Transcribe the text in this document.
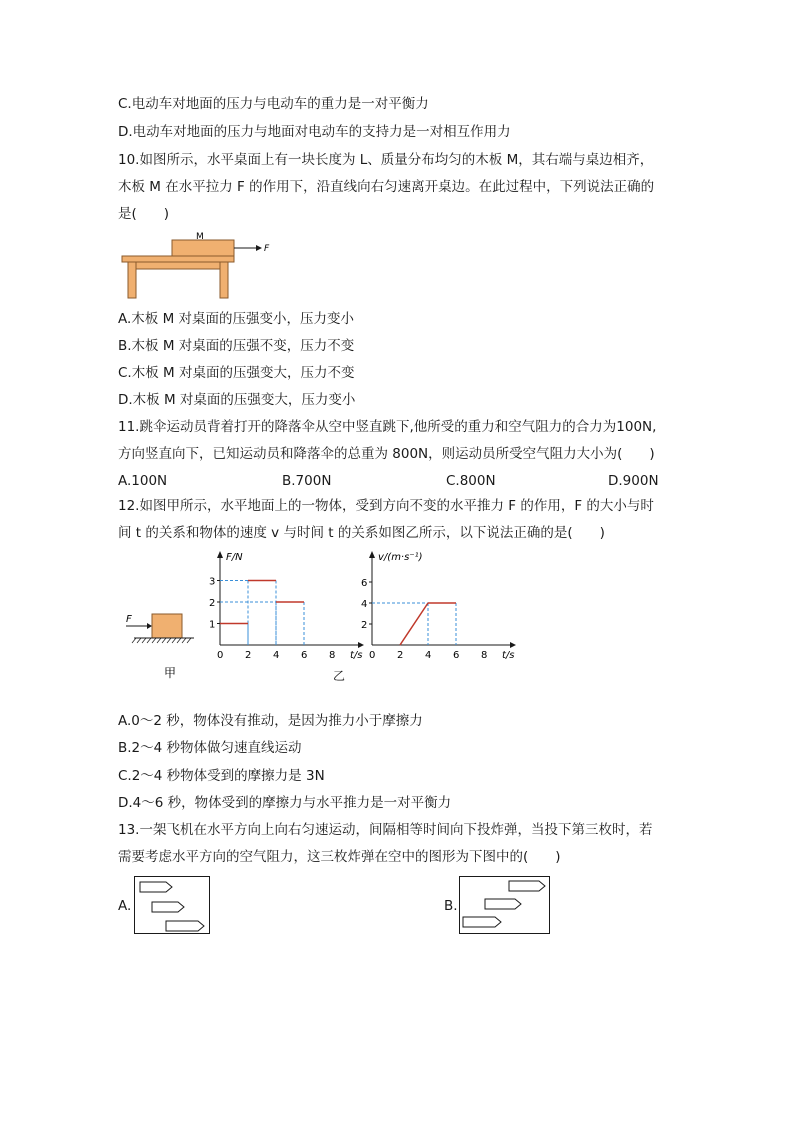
C.电动车对地面的压力与电动车的重力是一对平衡力
D.电动车对地面的压力与地面对电动车的支持力是一对相互作用力
10.如图所示，水平桌面上有一块长度为 L、质量分布均匀的木板 M，其右端与桌边相齐，
木板 M 在水平拉力 F 的作用下，沿直线向右匀速离开桌边。在此过程中，下列说法正确的
是(　　)
M
F
A.木板 M 对桌面的压强变小，压力变小
B.木板 M 对桌面的压强不变，压力不变
C.木板 M 对桌面的压强变大，压力不变
D.木板 M 对桌面的压强变大，压力变小
11.跳伞运动员背着打开的降落伞从空中竖直跳下,他所受的重力和空气阻力的合力为100N,
方向竖直向下，已知运动员和降落伞的总重为 800N，则运动员所受空气阻力大小为(　　)
A.100N	B.700N	C.800N	D.900N
12.如图甲所示，水平地面上的一物体，受到方向不变的水平推力 F 的作用，F 的大小与时
间 t 的关系和物体的速度 v 与时间 t 的关系如图乙所示，以下说法正确的是(　　)
F
甲
F/N
t/s
0 2 4 6 8
1
2
3
v/(m·s⁻¹)
t/s
0 2 4 6 8
2
4
6
乙
A.0～2 秒，物体没有推动，是因为推力小于摩擦力
B.2～4 秒物体做匀速直线运动
C.2～4 秒物体受到的摩擦力是 3N
D.4～6 秒，物体受到的摩擦力与水平推力是一对平衡力
13.一架飞机在水平方向上向右匀速运动，间隔相等时间向下投炸弹，当投下第三枚时，若
需要考虑水平方向的空气阻力，这三枚炸弹在空中的图形为下图中的(　　)
A.	B.
